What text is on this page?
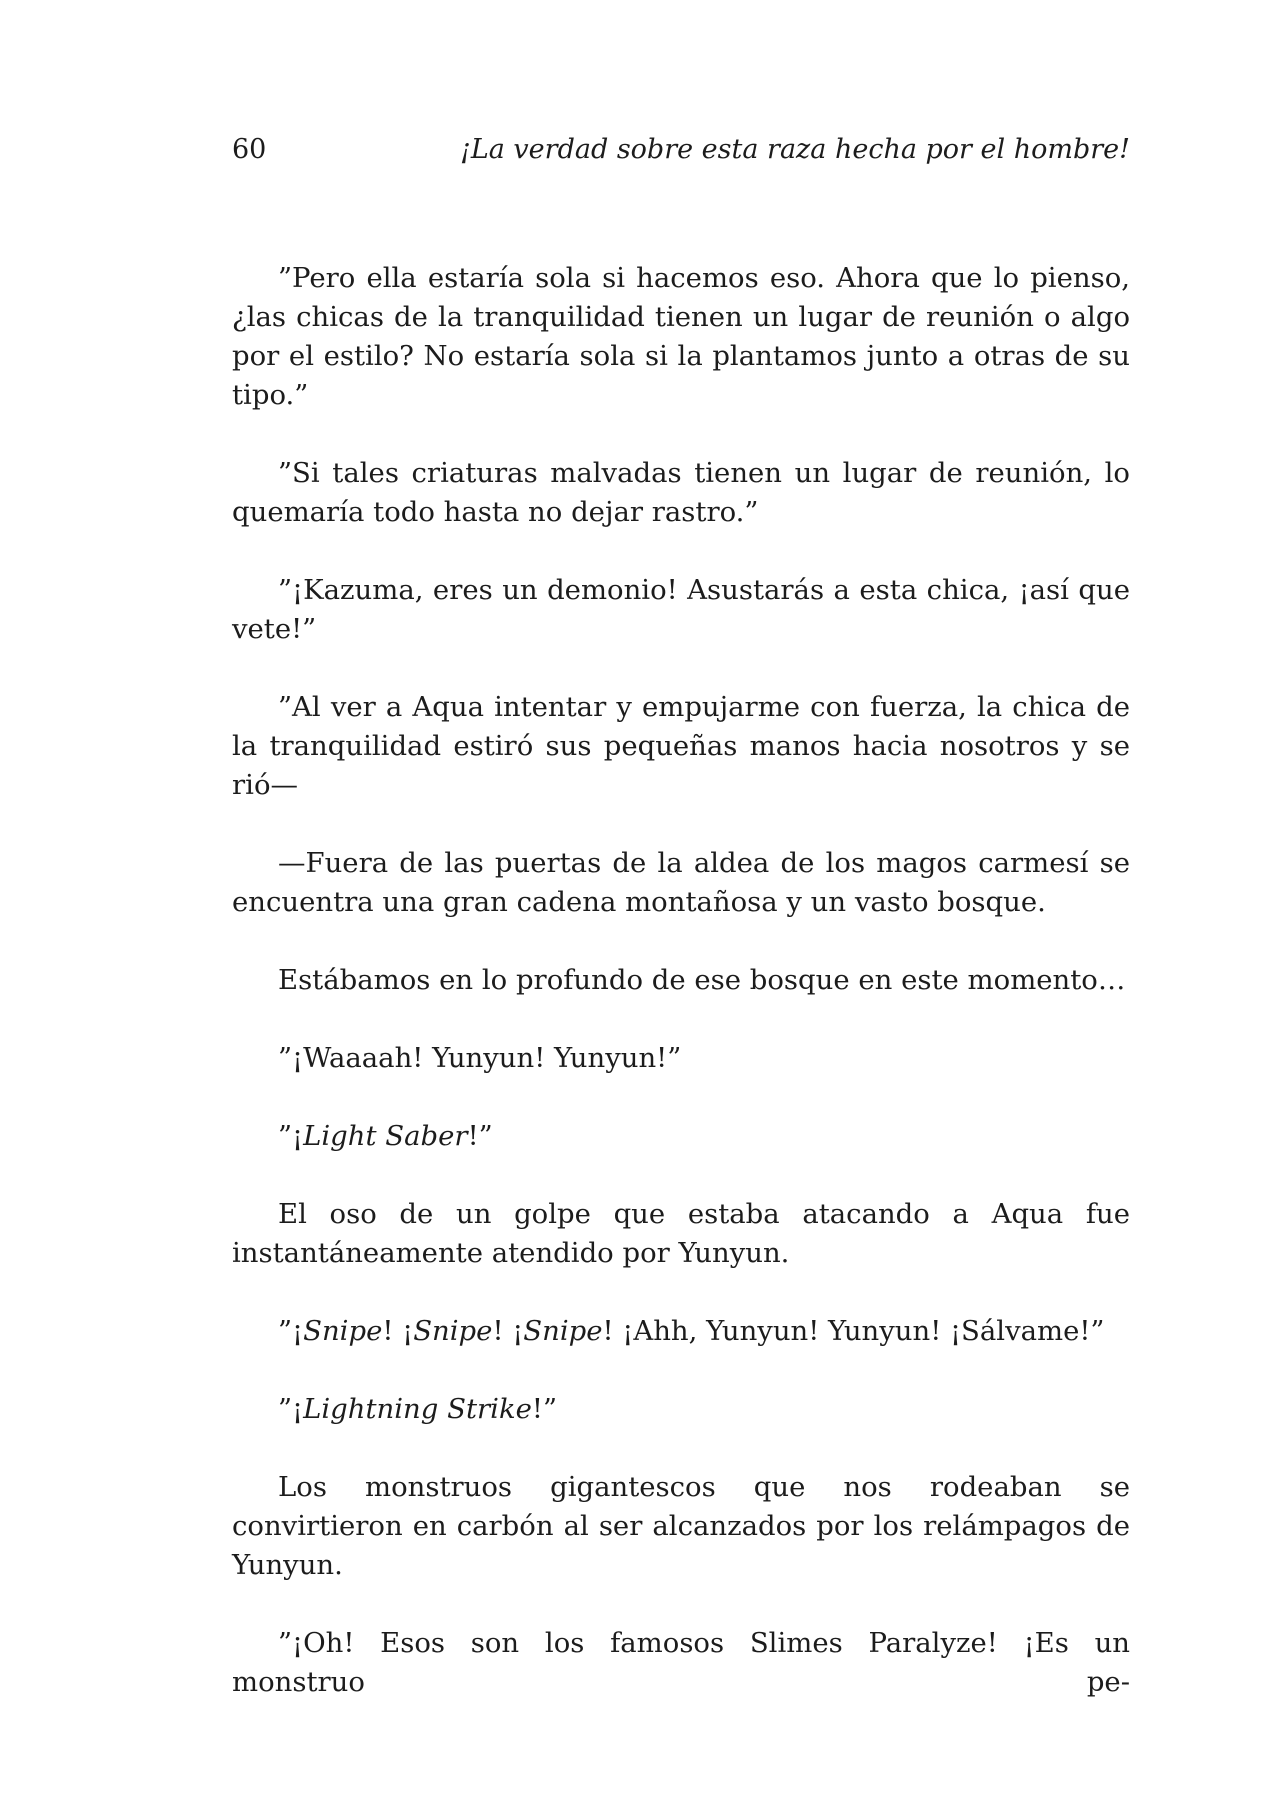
60	¡La verdad sobre esta raza hecha por el hombre!

”Pero ella estaría sola si hacemos eso. Ahora que lo pienso, ¿las chicas de la tranquilidad tienen un lugar de reunión o algo por el estilo? No estaría sola si la plantamos junto a otras de su tipo.”

”Si tales criaturas malvadas tienen un lugar de reunión, lo quemaría todo hasta no dejar rastro.”

”¡Kazuma, eres un demonio! Asustarás a esta chica, ¡así que vete!”

”Al ver a Aqua intentar y empujarme con fuerza, la chica de la tranquilidad estiró sus pequeñas manos hacia nosotros y se rió—

—Fuera de las puertas de la aldea de los magos carmesí se encuentra una gran cadena montañosa y un vasto bosque.

Estábamos en lo profundo de ese bosque en este momento…

”¡Waaaah! Yunyun! Yunyun!”

”¡Light Saber!”

El oso de un golpe que estaba atacando a Aqua fue instantáneamente atendido por Yunyun.

”¡Snipe! ¡Snipe! ¡Snipe! ¡Ahh, Yunyun! Yunyun! ¡Sálvame!”

”¡Lightning Strike!”

Los monstruos gigantescos que nos rodeaban se convirtieron en carbón al ser alcanzados por los relámpagos de Yunyun.

”¡Oh! Esos son los famosos Slimes Paralyze! ¡Es un monstruo pe-
